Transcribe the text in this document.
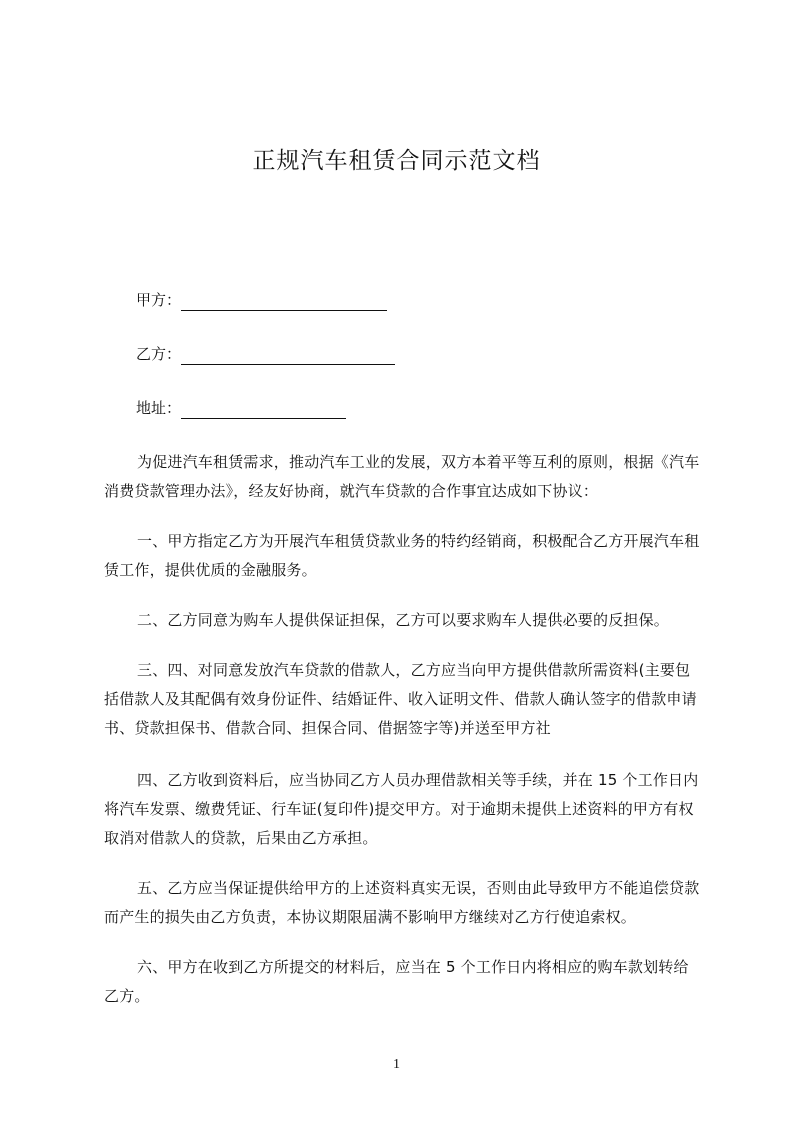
正规汽车租赁合同示范文档
甲方：
乙方：
地址：
为促进汽车租赁需求，推动汽车工业的发展，双方本着平等互利的原则，根据《汽车消费贷款管理办法》，经友好协商，就汽车贷款的合作事宜达成如下协议：
一、甲方指定乙方为开展汽车租赁贷款业务的特约经销商，积极配合乙方开展汽车租赁工作，提供优质的金融服务。
二、乙方同意为购车人提供保证担保，乙方可以要求购车人提供必要的反担保。
三、四、对同意发放汽车贷款的借款人，乙方应当向甲方提供借款所需资料(主要包括借款人及其配偶有效身份证件、结婚证件、收入证明文件、借款人确认签字的借款申请书、贷款担保书、借款合同、担保合同、借据签字等)并送至甲方社
四、乙方收到资料后，应当协同乙方人员办理借款相关等手续，并在 15 个工作日内将汽车发票、缴费凭证、行车证(复印件)提交甲方。对于逾期未提供上述资料的甲方有权取消对借款人的贷款，后果由乙方承担。
五、乙方应当保证提供给甲方的上述资料真实无误，否则由此导致甲方不能追偿贷款而产生的损失由乙方负责，本协议期限届满不影响甲方继续对乙方行使追索权。
六、甲方在收到乙方所提交的材料后，应当在 5 个工作日内将相应的购车款划转给乙方。
1
